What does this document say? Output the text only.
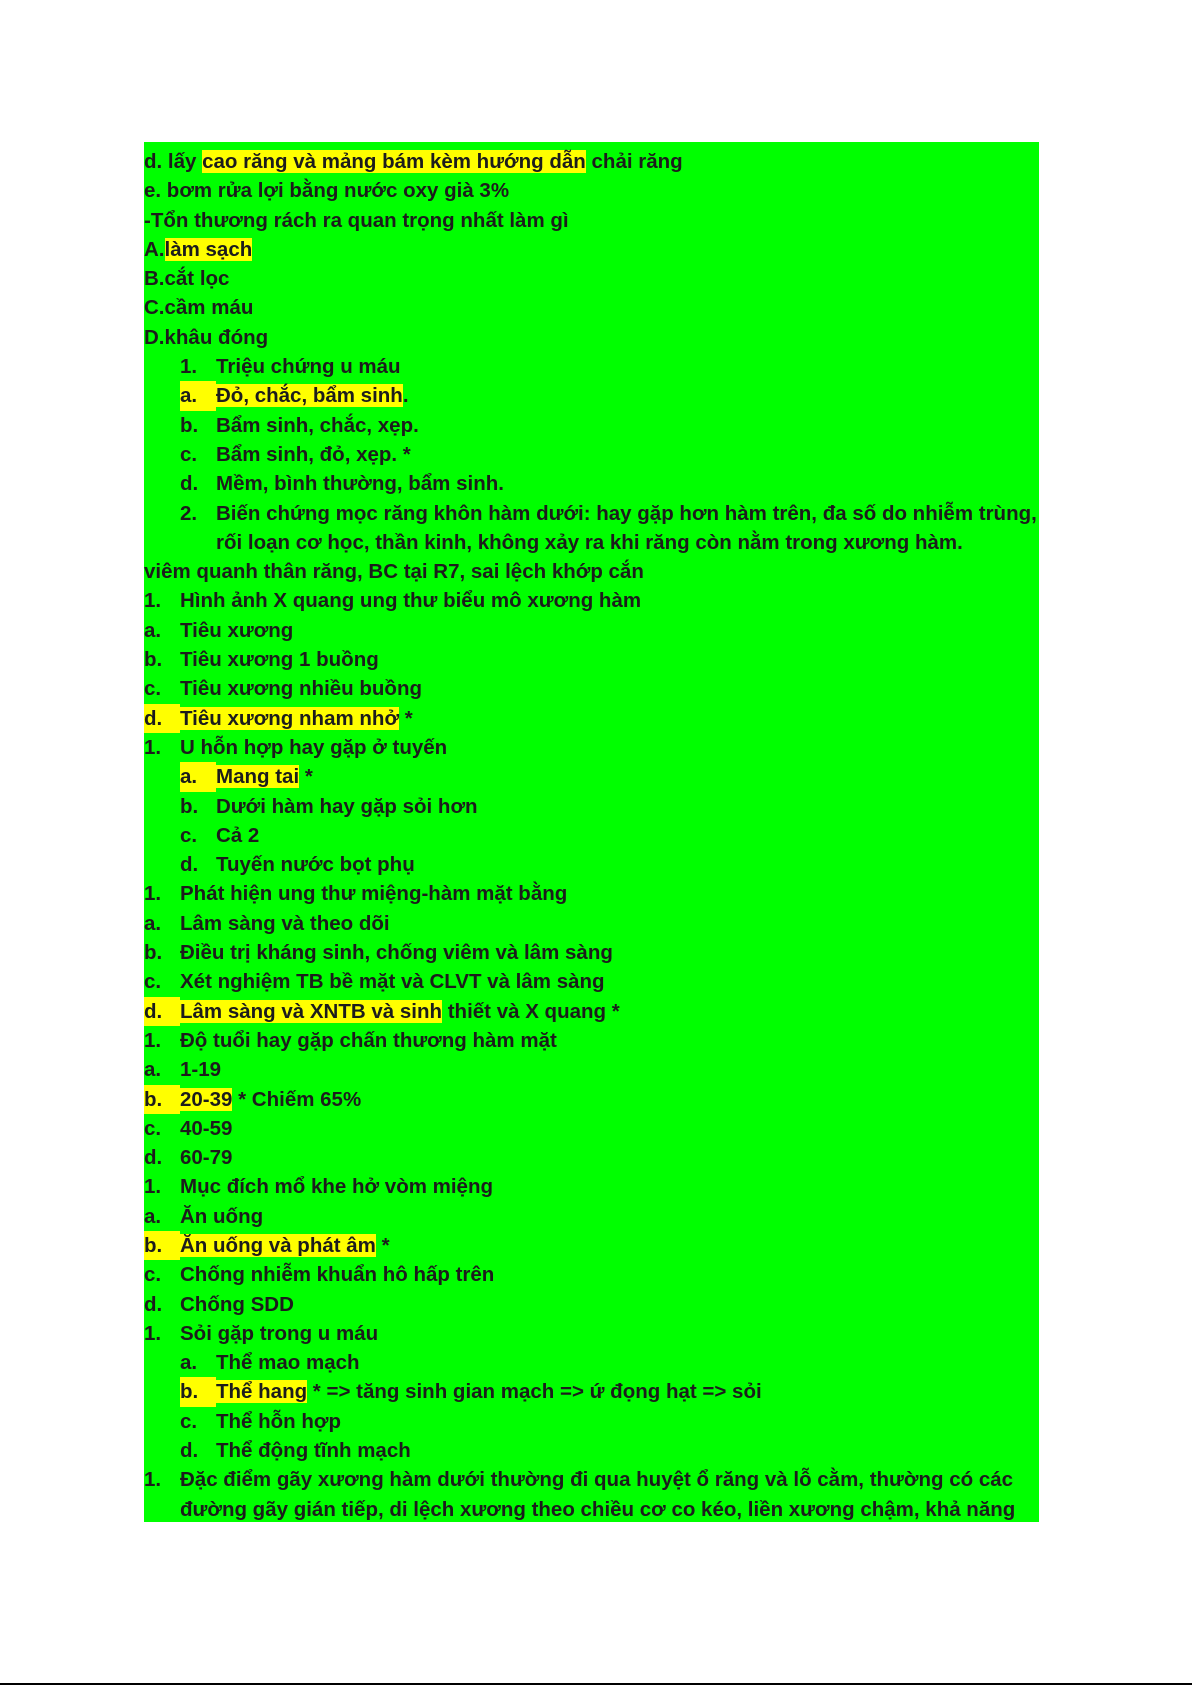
d. lấy cao răng và mảng bám kèm hướng dẫn chải răng
e. bơm rửa lợi bằng nước oxy già 3%
-Tổn thương rách ra quan trọng nhất làm gì
A.làm sạch
B.cắt lọc
C.cầm máu
D.khâu đóng
1. Triệu chứng u máu
a. Đỏ, chắc, bẩm sinh.
b. Bẩm sinh, chắc, xẹp.
c. Bẩm sinh, đỏ, xẹp. *
d. Mềm, bình thường, bẩm sinh.
2. Biến chứng mọc răng khôn hàm dưới: hay gặp hơn hàm trên, đa số do nhiễm trùng, rối loạn cơ học, thần kinh, không xảy ra khi răng còn nằm trong xương hàm.
viêm quanh thân răng, BC tại R7, sai lệch khớp cắn
1. Hình ảnh X quang ung thư biểu mô xương hàm
a. Tiêu xương
b. Tiêu xương 1 buồng
c. Tiêu xương nhiều buồng
d. Tiêu xương nham nhở *
1. U hỗn hợp hay gặp ở tuyến
a. Mang tai *
b. Dưới hàm hay gặp sỏi hơn
c. Cả 2
d. Tuyến nước bọt phụ
1. Phát hiện ung thư miệng-hàm mặt bằng
a. Lâm sàng và theo dõi
b. Điều trị kháng sinh, chống viêm và lâm sàng
c. Xét nghiệm TB bề mặt và CLVT và lâm sàng
d. Lâm sàng và XNTB và sinh thiết và X quang *
1. Độ tuổi hay gặp chấn thương hàm mặt
a. 1-19
b. 20-39 * Chiếm 65%
c. 40-59
d. 60-79
1. Mục đích mổ khe hở vòm miệng
a. Ăn uống
b. Ăn uống và phát âm *
c. Chống nhiễm khuẩn hô hấp trên
d. Chống SDD
1. Sỏi gặp trong u máu
a. Thể mao mạch
b. Thể hang * => tăng sinh gian mạch => ứ đọng hạt => sỏi
c. Thể hỗn hợp
d. Thể động tĩnh mạch
1. Đặc điểm gãy xương hàm dưới thường đi qua huyệt ổ răng và lỗ cằm, thường có các đường gãy gián tiếp, di lệch xương theo chiều cơ co kéo, liền xương chậm, khả năng
